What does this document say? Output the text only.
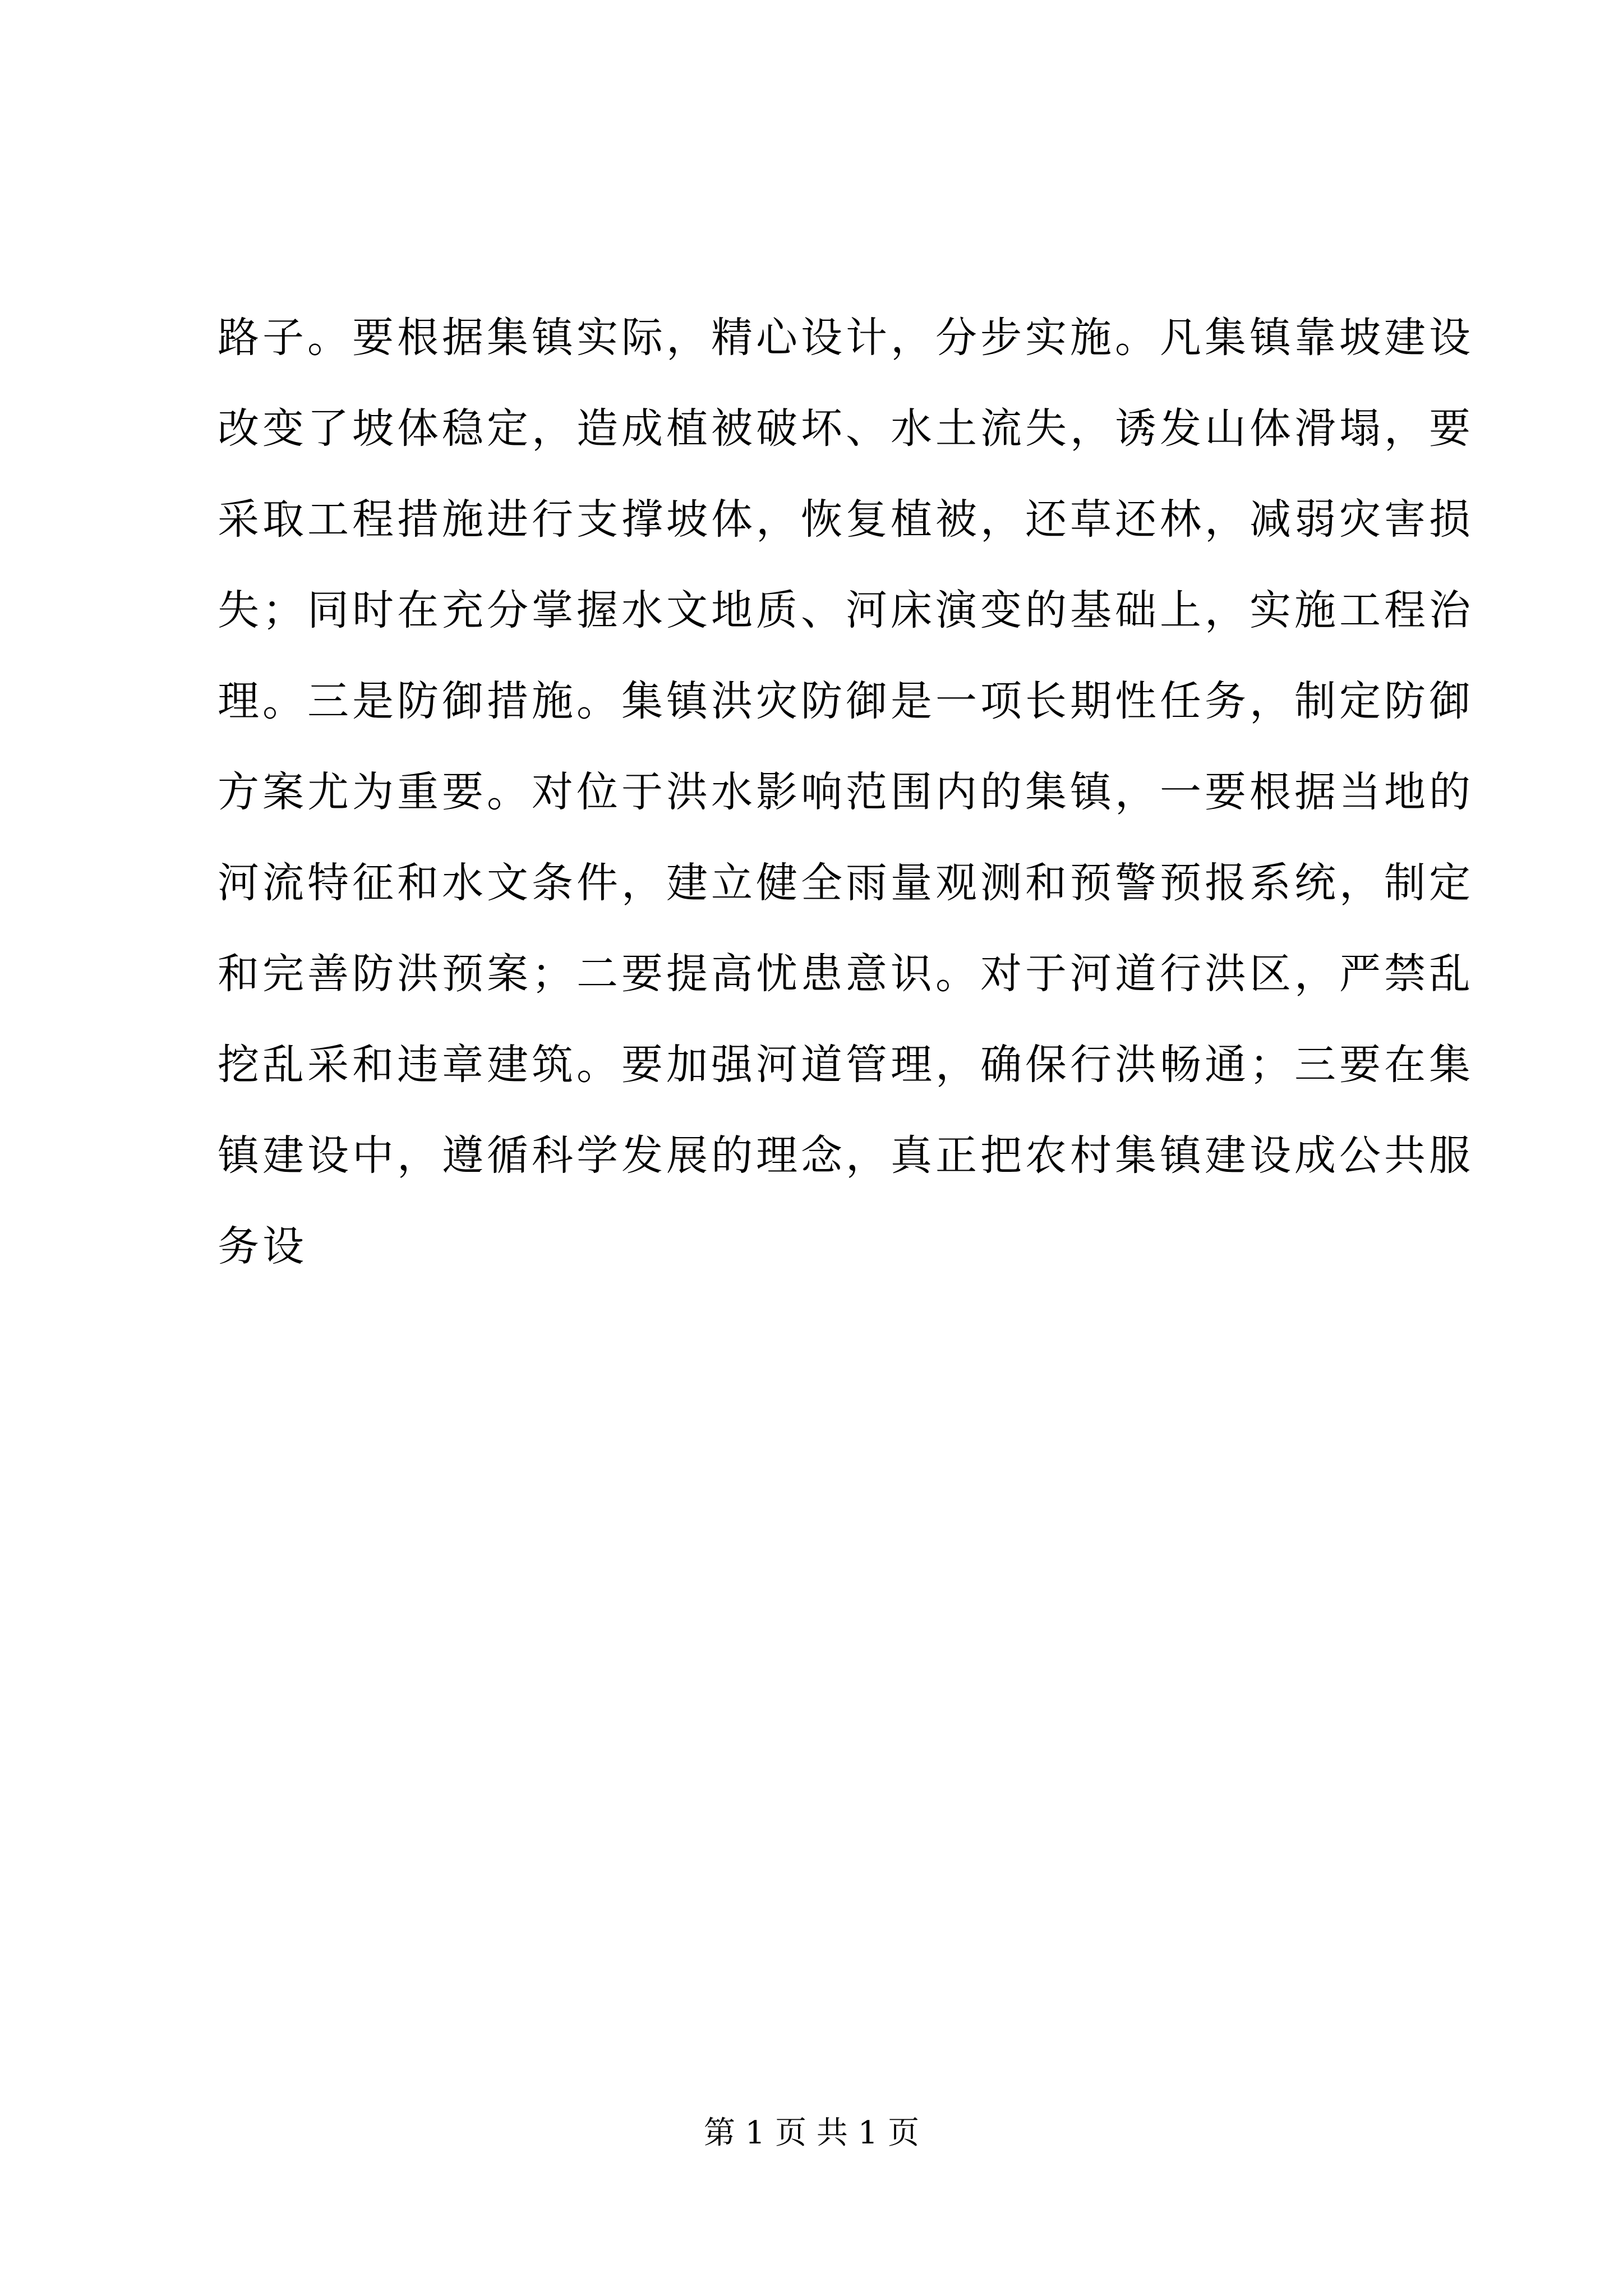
路子。要根据集镇实际，精心设计，分步实施。凡集镇靠坡建设
改变了坡体稳定，造成植被破坏、水土流失，诱发山体滑塌，要
采取工程措施进行支撑坡体，恢复植被，还草还林，减弱灾害损
失；同时在充分掌握水文地质、河床演变的基础上，实施工程治
理。三是防御措施。集镇洪灾防御是一项长期性任务，制定防御
方案尤为重要。对位于洪水影响范围内的集镇，一要根据当地的
河流特征和水文条件，建立健全雨量观测和预警预报系统，制定
和完善防洪预案；二要提高忧患意识。对于河道行洪区，严禁乱
挖乱采和违章建筑。要加强河道管理，确保行洪畅通；三要在集
镇建设中，遵循科学发展的理念，真正把农村集镇建设成公共服
务设
第 1 页 共 1 页
